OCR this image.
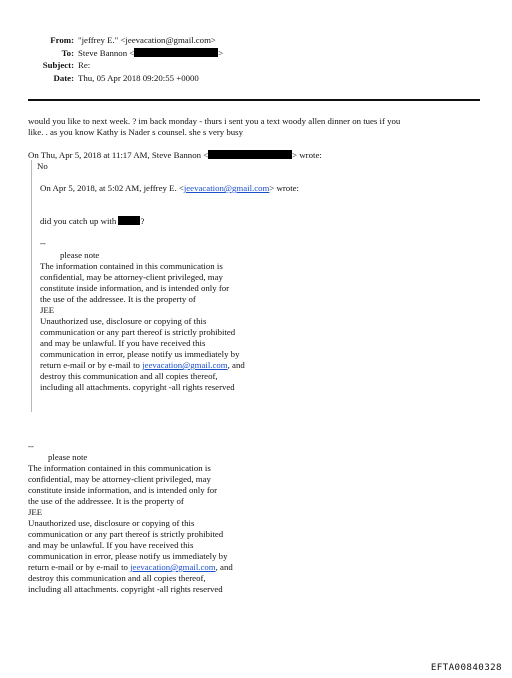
From: "jeffrey E." <jeevacation@gmail.com>
To: Steve Bannon <	>
Subject: Re:
Date: Thu, 05 Apr 2018 09:20:55 +0000

would you like to next week. ? im back monday - thurs i sent you a text woody allen dinner on tues if you

like. . as you know Kathy is Nader s counsel. she s very busy

On Thu, Apr 5, 2018 at 11:17 AM, Steve Bannon <	> wrote:
No
On Apr 5, 2018, at 5:02 AM, jeffrey E. <jeevacation@gmail.com> wrote:
did you catch up with	?
--
please note
The information contained in this communication is
confidential, may be attorney-client privileged, may
constitute inside information, and is intended only for
the use of the addressee. It is the property of
JEE
Unauthorized use, disclosure or copying of this
communication or any part thereof is strictly prohibited
and may be unlawful. If you have received this
communication in error, please notify us immediately by
return e-mail or by e-mail to jeevacation@gmail.com, and
destroy this communication and all copies thereof,
including all attachments. copyright -all rights reserved
--
please note
The information contained in this communication is
confidential, may be attorney-client privileged, may
constitute inside information, and is intended only for
the use of the addressee. It is the property of
JEE
Unauthorized use, disclosure or copying of this
communication or any part thereof is strictly prohibited
and may be unlawful. If you have received this
communication in error, please notify us immediately by
return e-mail or by e-mail to jeevacation@gmail.com, and
destroy this communication and all copies thereof,
including all attachments. copyright -all rights reserved
EFTA00840328
